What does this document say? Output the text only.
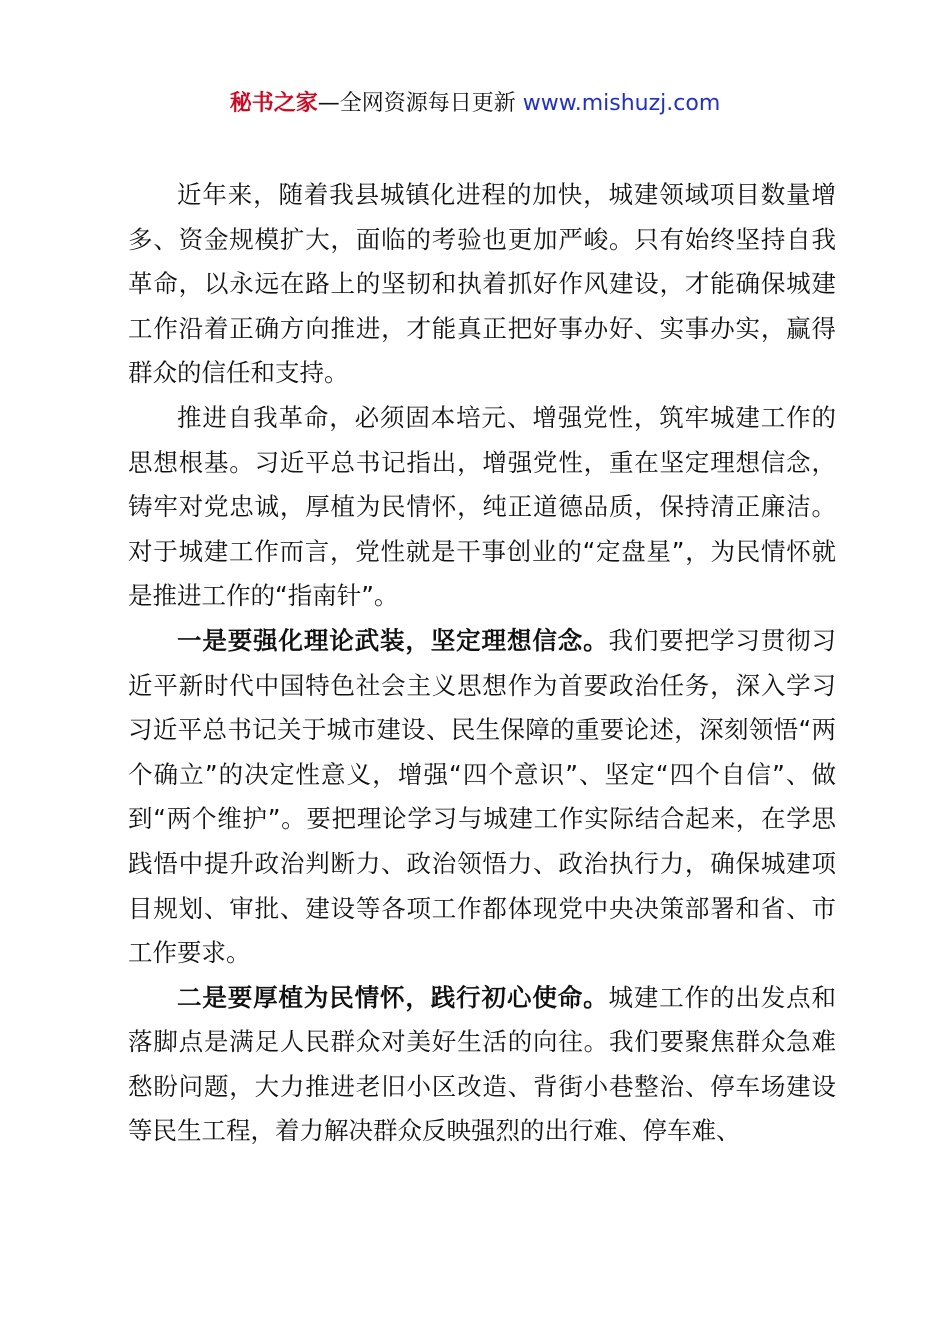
秘书之家—全网资源每日更新 www.mishuzj.com

近年来，随着我县城镇化进程的加快，城建领域项目数量增多、资金规模扩大，面临的考验也更加严峻。只有始终坚持自我革命，以永远在路上的坚韧和执着抓好作风建设，才能确保城建工作沿着正确方向推进，才能真正把好事办好、实事办实，赢得群众的信任和支持。

推进自我革命，必须固本培元、增强党性，筑牢城建工作的思想根基。习近平总书记指出，增强党性，重在坚定理想信念，铸牢对党忠诚，厚植为民情怀，纯正道德品质，保持清正廉洁。对于城建工作而言，党性就是干事创业的“定盘星”，为民情怀就是推进工作的“指南针”。

一是要强化理论武装，坚定理想信念。我们要把学习贯彻习近平新时代中国特色社会主义思想作为首要政治任务，深入学习习近平总书记关于城市建设、民生保障的重要论述，深刻领悟“两个确立”的决定性意义，增强“四个意识”、坚定“四个自信”、做到“两个维护”。要把理论学习与城建工作实际结合起来，在学思践悟中提升政治判断力、政治领悟力、政治执行力，确保城建项目规划、审批、建设等各项工作都体现党中央决策部署和省、市工作要求。

二是要厚植为民情怀，践行初心使命。城建工作的出发点和落脚点是满足人民群众对美好生活的向往。我们要聚焦群众急难愁盼问题，大力推进老旧小区改造、背街小巷整治、停车场建设等民生工程，着力解决群众反映强烈的出行难、停车难、
